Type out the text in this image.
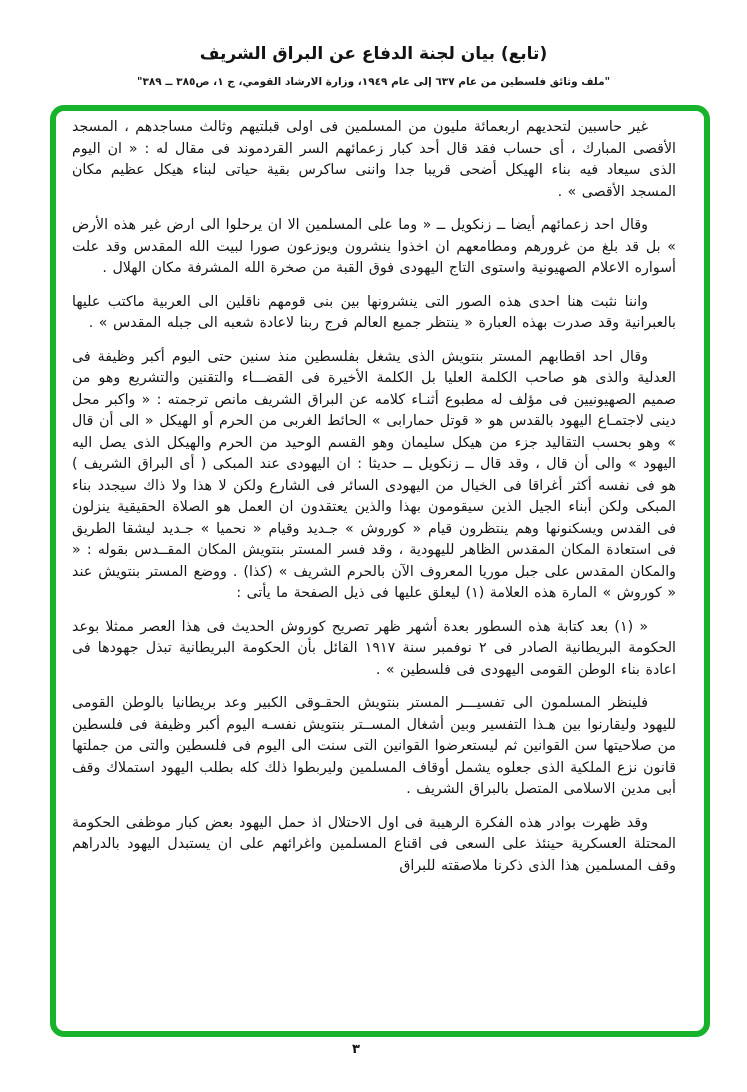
(تابع) بيان لجنة الدفاع عن البراق الشريف
"ملف وثائق فلسطين من عام ٦٣٧ إلى عام ١٩٤٩، وزارة الارشاد القومي، ج ١، ص٣٨٥ ــ ٣٨٩"

غير حاسبين لتحديهم اربعمائة مليون من المسلمين فى اولى قبلتيهم وثالث مساجدهم ، المسجد الأقصى المبارك ، أى حساب فقد قال أحد كبار زعمائهم السر القردموند فى مقال له : « ان اليوم الذى سيعاد فيه بناء الهيكل أضحى قريبا جدا واننى ساكرس بقية حياتى لبناء هيكل عظيم مكان المسجد الأقصى » .

وقال احد زعمائهم أيضا ــ زنكويل ــ « وما على المسلمين الا ان يرحلوا الى ارض غير هذه الأرض » بل قد بلغ من غرورهم ومطامعهم ان اخذوا ينشرون ويوزعون صورا لبيت الله المقدس وقد علت أسواره الاعلام الصهيونية واستوى التاج اليهودى فوق القبة من صخرة الله المشرفة مكان الهلال .

واننا نثبت هنا احدى هذه الصور التى ينشرونها بين بنى قومهم ناقلين الى العربية ماكتب عليها بالعبرانية وقد صدرت بهذه العبارة « ينتظر جميع العالم فرج ربنا لاعادة شعبه الى جبله المقدس » .

وقال احد اقطابهم المستر بنتويش الذى يشغل بفلسطين منذ سنين حتى اليوم أكبر وظيفة فى العدلية والذى هو صاحب الكلمة العليا بل الكلمة الأخيرة فى القضـــاء والتقنين والتشريع وهو من صميم الصهيونيين فى مؤلف له مطبوع أثنـاء كلامه عن البراق الشريف مانص ترجمته : « واكبر محل دينى لاجتمـاع اليهود بالقدس هو « قوتل حمارابى » الحائط الغربى من الحرم أو الهيكل « الى أن قال » وهو بحسب التقاليد جزء من هيكل سليمان وهو القسم الوحيد من الحرم والهيكل الذى يصل اليه اليهود » والى أن قال ، وقد قال ــ زنكويل ــ حديثا : ان اليهودى عند المبكى ( أى البراق الشريف ) هو فى نفسه أكثر أغراقا فى الخيال من اليهودى السائر فى الشارع ولكن لا هذا ولا ذاك سيجدد بناء المبكى ولكن أبناء الجيل الذين سيقومون بهذا والذين يعتقدون ان العمل هو الصلاة الحقيقية ينزلون فى القدس ويسكنونها وهم ينتظرون قيام « كوروش » جـديد وقيام « نحميا » جـديد ليشقا الطريق فى استعادة المكان المقدس الظاهر لليهودية ، وقد فسر المستر بنتويش المكان المقــدس بقوله : « والمكان المقدس على جبل موريا المعروف الآن بالحرم الشريف » (كذا) . ووضع المستر بنتويش عند « كوروش » المارة هذه العلامة (١) ليعلق عليها فى ذيل الصفحة ما يأتى :

« (١) بعد كتابة هذه السطور بعدة أشهر ظهر تصريح كوروش الحديث فى هذا العصر ممثلا بوعد الحكومة البريطانية الصادر فى ٢ نوفمبر سنة ١٩١٧ القائل بأن الحكومة البريطانية تبذل جهودها فى اعادة بناء الوطن القومى اليهودى فى فلسطين » .

فلينظر المسلمون الى تفسيـــر المستر بنتويش الحقـوقى الكبير وعد بريطانيا بالوطن القومى لليهود وليقارنوا بين هـذا التفسير وبين أشغال المســتر بنتويش نفسـه اليوم أكبر وظيفة فى فلسطين من صلاحيتها سن القوانين ثم ليستعرضوا القوانين التى سنت الى اليوم فى فلسطين والتى من جملتها قانون نزع الملكية الذى جعلوه يشمل أوقاف المسلمين وليربطوا ذلك كله بطلب اليهود استملاك وقف أبى مدين الاسلامى المتصل بالبراق الشريف .

وقد ظهرت بوادر هذه الفكرة الرهيبة فى اول الاحتلال اذ حمل اليهود بعض كبار موظفى الحكومة المحتلة العسكرية حينئذ على السعى فى اقناع المسلمين واغرائهم على ان يستبدل اليهود بالدراهم وقف المسلمين هذا الذى ذكرنا ملاصقته للبراق

٣
